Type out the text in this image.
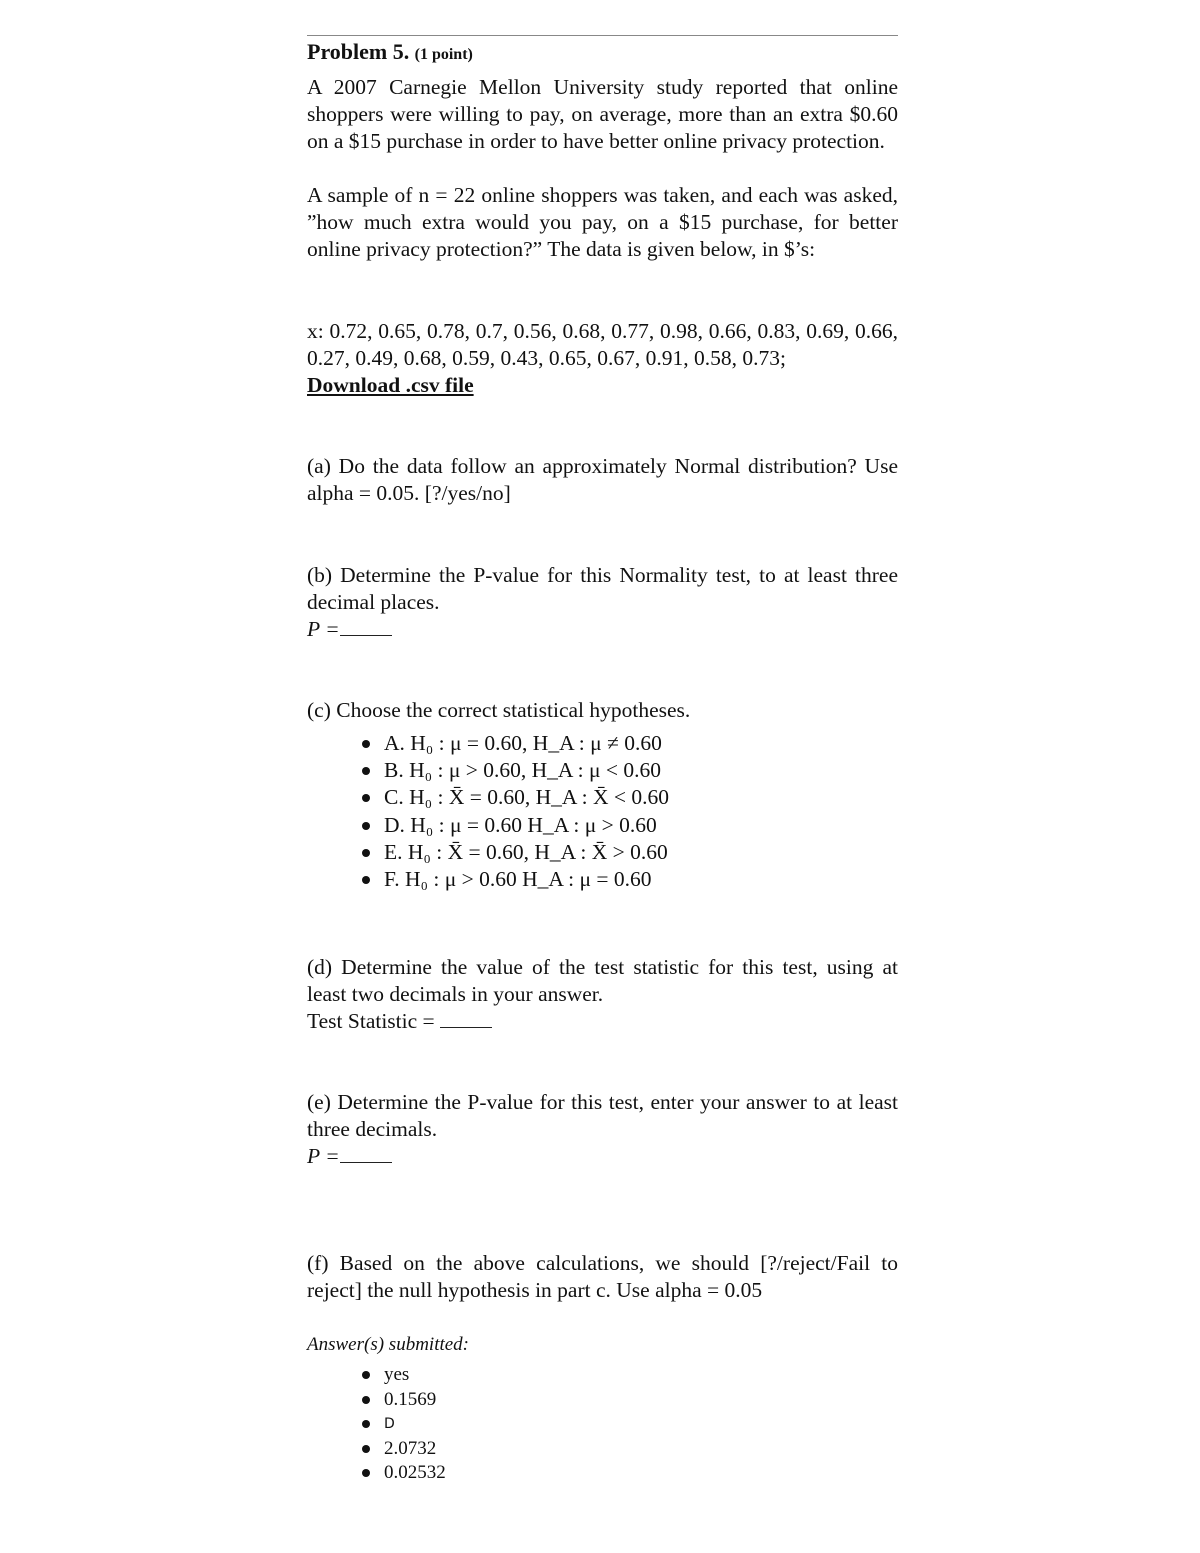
Problem 5. (1 point)
A 2007 Carnegie Mellon University study reported that online shoppers were willing to pay, on average, more than an extra $0.60 on a $15 purchase in order to have better online privacy protection.
A sample of n = 22 online shoppers was taken, and each was asked, ”how much extra would you pay, on a $15 purchase, for better online privacy protection?” The data is given below, in $’s:
x: 0.72, 0.65, 0.78, 0.7, 0.56, 0.68, 0.77, 0.98, 0.66, 0.83, 0.69, 0.66, 0.27, 0.49, 0.68, 0.59, 0.43, 0.65, 0.67, 0.91, 0.58, 0.73;
Download .csv file
(a) Do the data follow an approximately Normal distribution? Use alpha = 0.05. [?/yes/no]
(b) Determine the P-value for this Normality test, to at least three decimal places.
P =
(c) Choose the correct statistical hypotheses.
A. H₀ : μ = 0.60, H_A : μ ≠ 0.60
B. H₀ : μ > 0.60, H_A : μ < 0.60
C. H₀ : X̄ = 0.60, H_A : X̄ < 0.60
D. H₀ : μ = 0.60 H_A : μ > 0.60
E. H₀ : X̄ = 0.60, H_A : X̄ > 0.60
F. H₀ : μ > 0.60 H_A : μ = 0.60
(d) Determine the value of the test statistic for this test, using at least two decimals in your answer.
Test Statistic =
(e) Determine the P-value for this test, enter your answer to at least three decimals.
P =
(f) Based on the above calculations, we should [?/reject/Fail to reject] the null hypothesis in part c. Use alpha = 0.05
Answer(s) submitted:
yes
0.1569
D
2.0732
0.02532
